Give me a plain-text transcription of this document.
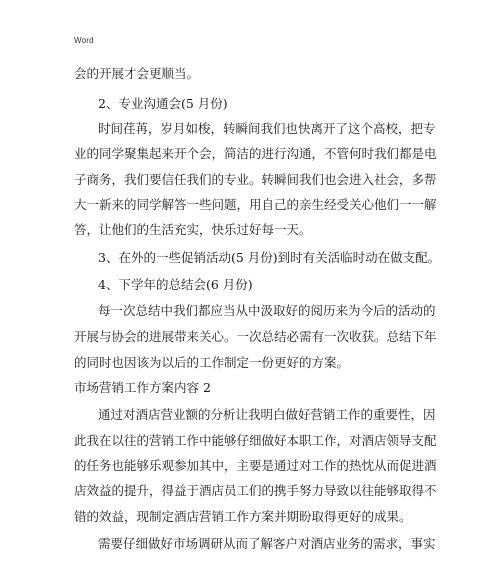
Word
会的开展才会更顺当。
2、专业沟通会(5 月份)
时间荏苒，岁月如梭，转瞬间我们也快离开了这个高校，把专
业的同学聚集起来开个会，简洁的进行沟通，不管何时我们都是电
子商务，我们要信任我们的专业。转瞬间我们也会进入社会，多帮
大一新来的同学解答一些问题，用自己的亲生经受关心他们一一解
答，让他们的生活充实，快乐过好每一天。
3、在外的一些促销活动(5 月份)到时有关活临时动在做支配。
4、下学年的总结会(6 月份)
每一次总结中我们都应当从中汲取好的阅历来为今后的活动的
开展与协会的进展带来关心。一次总结必需有一次收获。总结下年
的同时也因该为以后的工作制定一份更好的方案。
市场营销工作方案内容 2
通过对酒店营业额的分析让我明白做好营销工作的重要性，因
此我在以往的营销工作中能够仔细做好本职工作，对酒店领导支配
的任务也能够乐观参加其中，主要是通过对工作的热忱从而促进酒
店效益的提升，得益于酒店员工们的携手努力导致以往能够取得不
错的效益，现制定酒店营销工作方案并期盼取得更好的成果。
需要仔细做好市场调研从而了解客户对酒店业务的需求，事实
